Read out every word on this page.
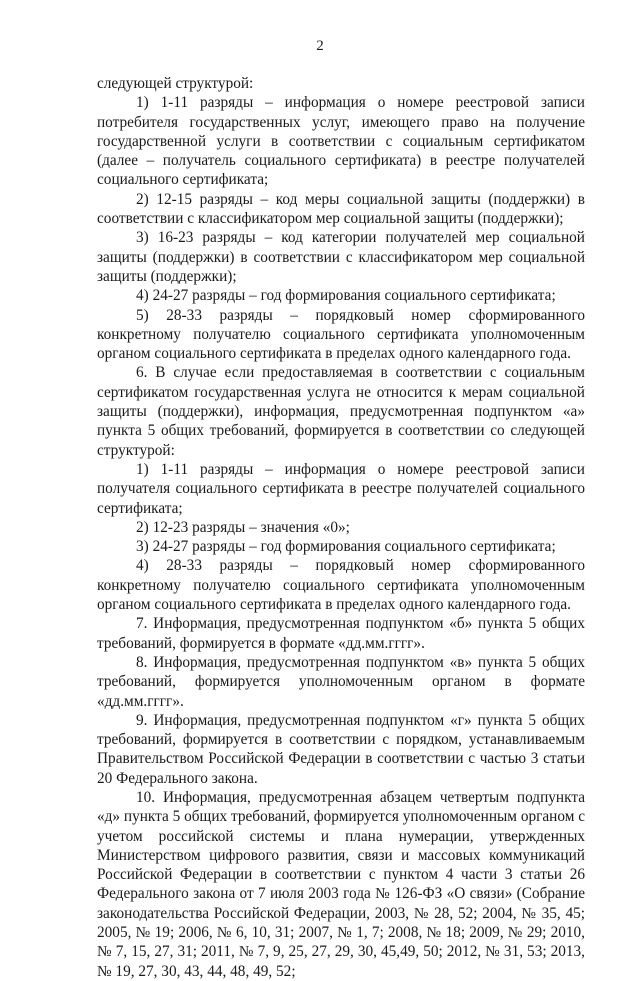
2

следующей структурой:

1) 1-11 разряды – информация о номере реестровой записи потребителя государственных услуг, имеющего право на получение государственной услуги в соответствии с социальным сертификатом (далее – получатель социального сертификата) в реестре получателей социального сертификата;

2) 12-15 разряды – код меры социальной защиты (поддержки) в соответствии с классификатором мер социальной защиты (поддержки);

3) 16-23 разряды – код категории получателей мер социальной защиты (поддержки) в соответствии с классификатором мер социальной защиты (поддержки);

4) 24-27 разряды – год формирования социального сертификата;

5) 28-33 разряды – порядковый номер сформированного конкретному получателю социального сертификата уполномоченным органом социального сертификата в пределах одного календарного года.

6. В случае если предоставляемая в соответствии с социальным сертификатом государственная услуга не относится к мерам социальной защиты (поддержки), информация, предусмотренная подпунктом «а» пункта 5 общих требований, формируется в соответствии со следующей структурой:

1) 1-11 разряды – информация о номере реестровой записи получателя социального сертификата в реестре получателей социального сертификата;

2) 12-23 разряды – значения «0»;

3) 24-27 разряды – год формирования социального сертификата;

4) 28-33 разряды – порядковый номер сформированного конкретному получателю социального сертификата уполномоченным органом социального сертификата в пределах одного календарного года.

7. Информация, предусмотренная подпунктом «б» пункта 5 общих требований, формируется в формате «дд.мм.гггг».

8. Информация, предусмотренная подпунктом «в» пункта 5 общих требований, формируется уполномоченным органом в формате «дд.мм.гггг».

9. Информация, предусмотренная подпунктом «г» пункта 5 общих требований, формируется в соответствии с порядком, устанавливаемым Правительством Российской Федерации в соответствии с частью 3 статьи 20 Федерального закона.

10. Информация, предусмотренная абзацем четвертым подпункта «д» пункта 5 общих требований, формируется уполномоченным органом с учетом российской системы и плана нумерации, утвержденных Министерством цифрового развития, связи и массовых коммуникаций Российской Федерации в соответствии с пунктом 4 части 3 статьи 26 Федерального закона от 7 июля 2003 года № 126-ФЗ «О связи» (Собрание законодательства Российской Федерации, 2003, № 28, 52; 2004, № 35, 45; 2005, № 19; 2006, № 6, 10, 31; 2007, № 1, 7; 2008, № 18; 2009, № 29; 2010, № 7, 15, 27, 31; 2011, № 7, 9, 25, 27, 29, 30, 45,49, 50; 2012, № 31, 53; 2013, № 19, 27, 30, 43, 44, 48, 49, 52;
